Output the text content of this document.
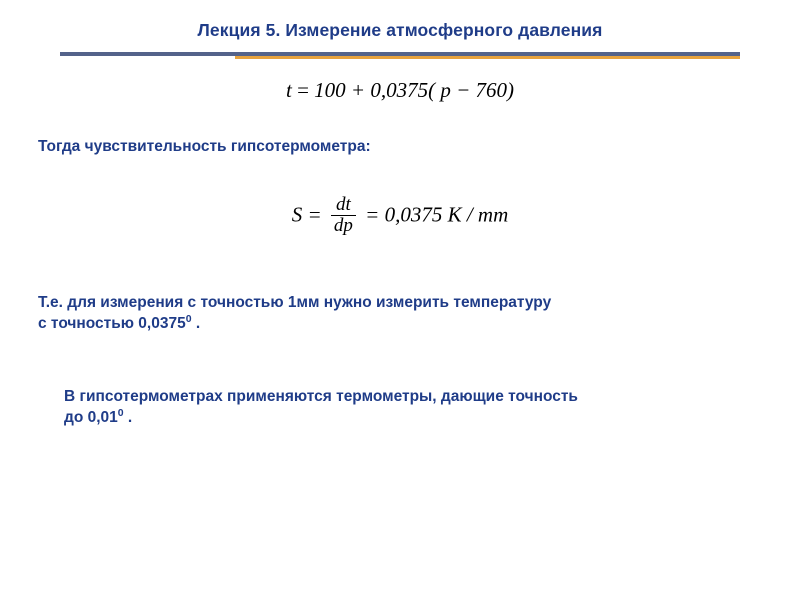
Лекция 5. Измерение атмосферного давления
t = 100 + 0,0375( p − 760)
Тогда чувствительность гипсотермометра:
$S = \frac{dt}{dp} = 0,0375$ K / mm
Т.е. для измерения с точностью 1мм нужно измерить температуру
с точностью 0,0375$^0$ .
В гипсотермометрах применяются термометры, дающие точность
до 0,01$^0$ .
